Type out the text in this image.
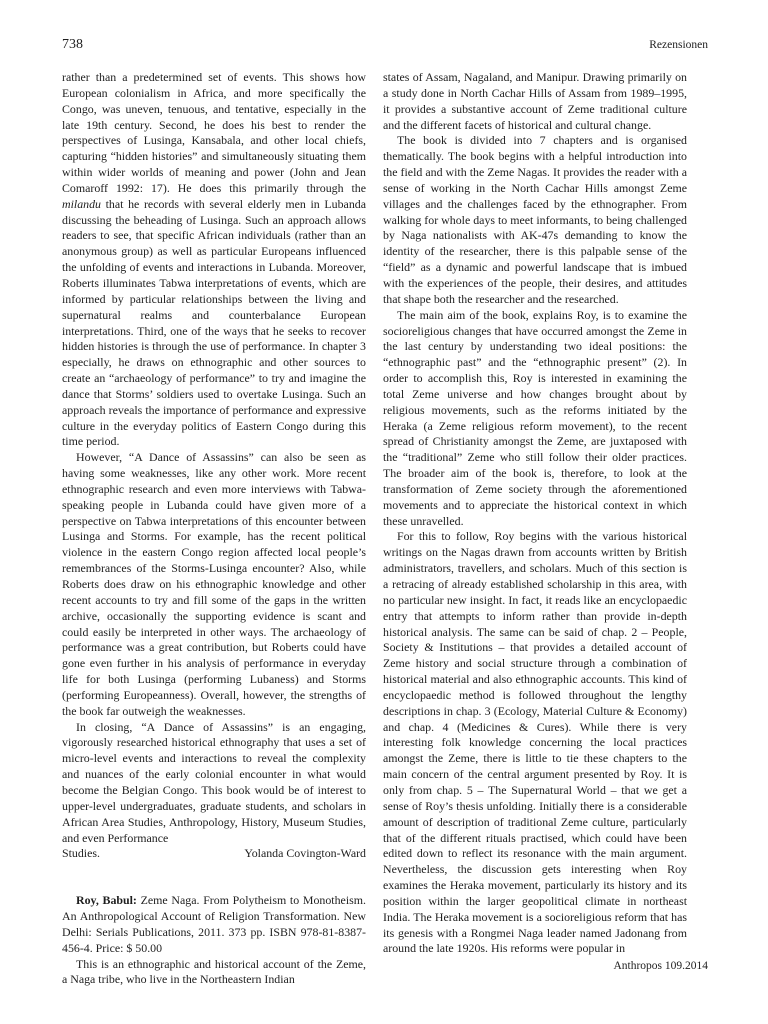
738	Rezensionen

rather than a predetermined set of events. This shows how European colonialism in Africa, and more specifically the Congo, was uneven, tenuous, and tentative, especially in the late 19th century. Second, he does his best to render the perspectives of Lusinga, Kansabala, and other local chiefs, capturing “hidden histories” and simultaneously situating them within wider worlds of meaning and power (John and Jean Comaroff 1992: 17). He does this primarily through the milandu that he records with several elderly men in Lubanda discussing the beheading of Lusinga. Such an approach allows readers to see, that specific African individuals (rather than an anonymous group) as well as particular Europeans influenced the unfolding of events and interactions in Lubanda. Moreover, Roberts illuminates Tabwa interpretations of events, which are informed by particular relationships between the living and supernatural realms and counterbalance European interpretations. Third, one of the ways that he seeks to recover hidden histories is through the use of performance. In chapter 3 especially, he draws on ethnographic and other sources to create an “archaeology of performance” to try and imagine the dance that Storms’ soldiers used to overtake Lusinga. Such an approach reveals the importance of performance and expressive culture in the everyday politics of Eastern Congo during this time period.

However, “A Dance of Assassins” can also be seen as having some weaknesses, like any other work. More recent ethnographic research and even more interviews with Tabwa-speaking people in Lubanda could have given more of a perspective on Tabwa interpretations of this encounter between Lusinga and Storms. For example, has the recent political violence in the eastern Congo region affected local people’s remembrances of the Storms-Lusinga encounter? Also, while Roberts does draw on his ethnographic knowledge and other recent accounts to try and fill some of the gaps in the written archive, occasionally the supporting evidence is scant and could easily be interpreted in other ways. The archaeology of performance was a great contribution, but Roberts could have gone even further in his analysis of performance in everyday life for both Lusinga (performing Lubaness) and Storms (performing Europeanness). Overall, however, the strengths of the book far outweigh the weaknesses.

In closing, “A Dance of Assassins” is an engaging, vigorously researched historical ethnography that uses a set of micro-level events and interactions to reveal the complexity and nuances of the early colonial encounter in what would become the Belgian Congo. This book would be of interest to upper-level undergraduates, graduate students, and scholars in African Area Studies, Anthropology, History, Museum Studies, and even Performance

Studies.	Yolanda Covington-Ward

Roy, Babul: Zeme Naga. From Polytheism to Monotheism. An Anthropological Account of Religion Transformation. New Delhi: Serials Publications, 2011. 373 pp. ISBN 978-81-8387-456-4. Price: $ 50.00

This is an ethnographic and historical account of the Zeme, a Naga tribe, who live in the Northeastern Indian

states of Assam, Nagaland, and Manipur. Drawing primarily on a study done in North Cachar Hills of Assam from 1989–1995, it provides a substantive account of Zeme traditional culture and the different facets of historical and cultural change.

The book is divided into 7 chapters and is organised thematically. The book begins with a helpful introduction into the field and with the Zeme Nagas. It provides the reader with a sense of working in the North Cachar Hills amongst Zeme villages and the challenges faced by the ethnographer. From walking for whole days to meet informants, to being challenged by Naga nationalists with AK-47s demanding to know the identity of the researcher, there is this palpable sense of the “field” as a dynamic and powerful landscape that is imbued with the experiences of the people, their desires, and attitudes that shape both the researcher and the researched.

The main aim of the book, explains Roy, is to examine the socioreligious changes that have occurred amongst the Zeme in the last century by understanding two ideal positions: the “ethnographic past” and the “ethnographic present” (2). In order to accomplish this, Roy is interested in examining the total Zeme universe and how changes brought about by religious movements, such as the reforms initiated by the Heraka (a Zeme religious reform movement), to the recent spread of Christianity amongst the Zeme, are juxtaposed with the “traditional” Zeme who still follow their older practices. The broader aim of the book is, therefore, to look at the transformation of Zeme society through the aforementioned movements and to appreciate the historical context in which these unravelled.

For this to follow, Roy begins with the various historical writings on the Nagas drawn from accounts written by British administrators, travellers, and scholars. Much of this section is a retracing of already established scholarship in this area, with no particular new insight. In fact, it reads like an encyclopaedic entry that attempts to inform rather than provide in-depth historical analysis. The same can be said of chap. 2 – People, Society & Institutions – that provides a detailed account of Zeme history and social structure through a combination of historical material and also ethnographic accounts. This kind of encyclopaedic method is followed throughout the lengthy descriptions in chap. 3 (Ecology, Material Culture & Economy) and chap. 4 (Medicines & Cures). While there is very interesting folk knowledge concerning the local practices amongst the Zeme, there is little to tie these chapters to the main concern of the central argument presented by Roy. It is only from chap. 5 – The Supernatural World – that we get a sense of Roy’s thesis unfolding. Initially there is a considerable amount of description of traditional Zeme culture, particularly that of the different rituals practised, which could have been edited down to reflect its resonance with the main argument. Nevertheless, the discussion gets interesting when Roy examines the Heraka movement, particularly its history and its position within the larger geopolitical climate in northeast India. The Heraka movement is a socioreligious reform that has its genesis with a Rongmei Naga leader named Jadonang from around the late 1920s. His reforms were popular in

Anthropos 109.2014
